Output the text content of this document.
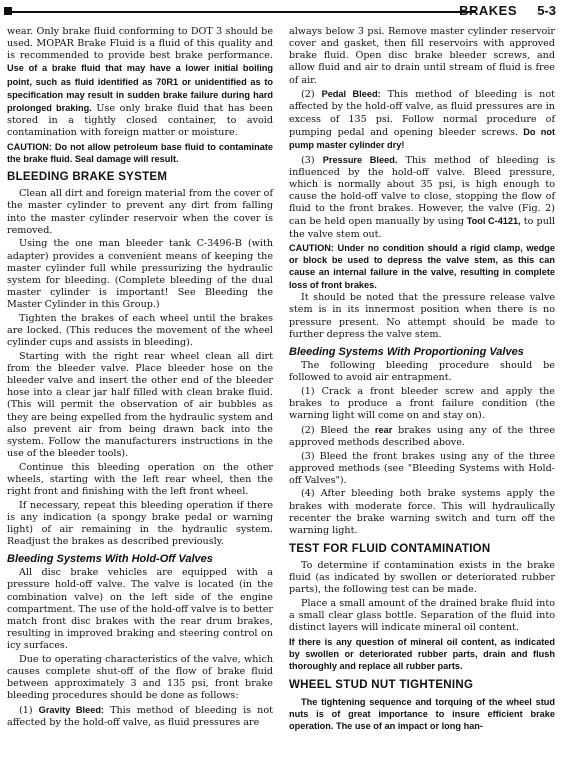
BRAKES 5-3

wear. Only brake fluid conforming to DOT 3 should be used. MOPAR Brake Fluid is a fluid of this quality and is recommended to provide best brake performance. Use of a brake fluid that may have a lower initial boiling point, such as fluid identified as 70R1 or unidentified as to specification may result in sudden brake failure during hard prolonged braking. Use only brake fluid that has been stored in a tightly closed container, to avoid contamination with foreign matter or moisture.

CAUTION: Do not allow petroleum base fluid to contaminate the brake fluid. Seal damage will result.

BLEEDING BRAKE SYSTEM

Clean all dirt and foreign material from the cover of the master cylinder to prevent any dirt from falling into the master cylinder reservoir when the cover is removed.

Using the one man bleeder tank C-3496-B (with adapter) provides a convenient means of keeping the master cylinder full while pressurizing the hydraulic system for bleeding. (Complete bleeding of the dual master cylinder is important! See Bleeding the Master Cylinder in this Group.)

Tighten the brakes of each wheel until the brakes are locked. (This reduces the movement of the wheel cylinder cups and assists in bleeding).

Starting with the right rear wheel clean all dirt from the bleeder valve. Place bleeder hose on the bleeder valve and insert the other end of the bleeder hose into a clear jar half filled with clean brake fluid. (This will permit the observation of air bubbles as they are being expelled from the hydraulic system and also prevent air from being drawn back into the system. Follow the manufacturers instructions in the use of the bleeder tools).

Continue this bleeding operation on the other wheels, starting with the left rear wheel, then the right front and finishing with the left front wheel.

If necessary, repeat this bleeding operation if there is any indication (a spongy brake pedal or warning light) of air remaining in the hydraulic system. Readjust the brakes as described previously.

Bleeding Systems With Hold-Off Valves

All disc brake vehicles are equipped with a pressure hold-off valve. The valve is located (in the combination valve) on the left side of the engine compartment. The use of the hold-off valve is to better match front disc brakes with the rear drum brakes, resulting in improved braking and steering control on icy surfaces.

Due to operating characteristics of the valve, which causes complete shut-off of the flow of brake fluid between approximately 3 and 135 psi, front brake bleeding procedures should be done as follows:

(1) Gravity Bleed: This method of bleeding is not affected by the hold-off valve, as fluid pressures are

always below 3 psi. Remove master cylinder reservoir cover and gasket, then fill reservoirs with approved brake fluid. Open disc brake bleeder screws, and allow fluid and air to drain until stream of fluid is free of air.

(2) Pedal Bleed: This method of bleeding is not affected by the hold-off valve, as fluid pressures are in excess of 135 psi. Follow normal procedure of pumping pedal and opening bleeder screws. Do not pump master cylinder dry!

(3) Pressure Bleed. This method of bleeding is influenced by the hold-off valve. Bleed pressure, which is normally about 35 psi, is high enough to cause the hold-off valve to close, stopping the flow of fluid to the front brakes. However, the valve (Fig. 2) can be held open manually by using Tool C-4121, to pull the valve stem out.

CAUTION: Under no condition should a rigid clamp, wedge or block be used to depress the valve stem, as this can cause an internal failure in the valve, resulting in complete loss of front brakes.

It should be noted that the pressure release valve stem is in its innermost position when there is no pressure present. No attempt should be made to further depress the valve stem.

Bleeding Systems With Proportioning Valves

The following bleeding procedure should be followed to avoid air entrapment.

(1) Crack a front bleeder screw and apply the brakes to produce a front failure condition (the warning light will come on and stay on).

(2) Bleed the rear brakes using any of the three approved methods described above.

(3) Bleed the front brakes using any of the three approved methods (see "Bleeding Systems with Hold-off Valves").

(4) After bleeding both brake systems apply the brakes with moderate force. This will hydraulically recenter the brake warning switch and turn off the warning light.

TEST FOR FLUID CONTAMINATION

To determine if contamination exists in the brake fluid (as indicated by swollen or deteriorated rubber parts), the following test can be made.

Place a small amount of the drained brake fluid into a small clear glass bottle. Separation of the fluid into distinct layers will indicate mineral oil content.

If there is any question of mineral oil content, as indicated by swollen or deteriorated rubber parts, drain and flush thoroughly and replace all rubber parts.

WHEEL STUD NUT TIGHTENING

The tightening sequence and torquing of the wheel stud nuts is of great importance to insure efficient brake operation. The use of an impact or long han-
